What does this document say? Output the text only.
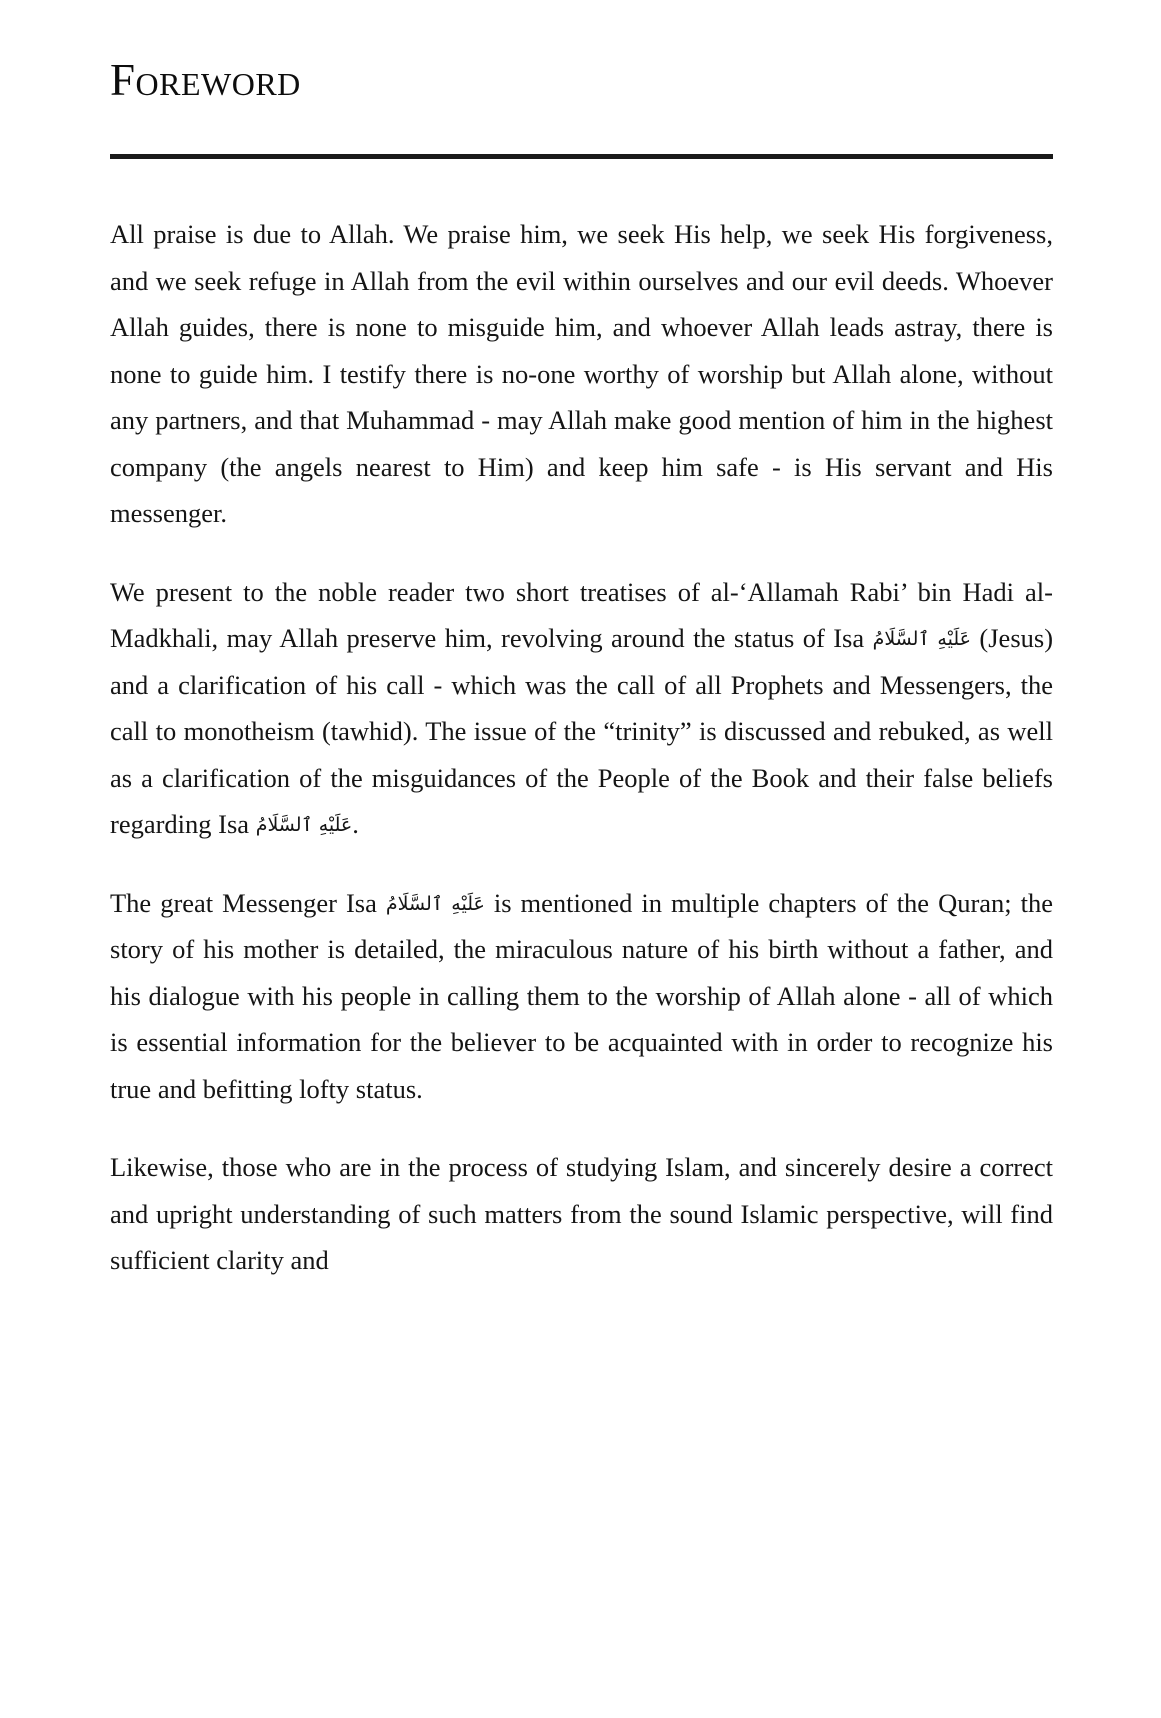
Foreword

All praise is due to Allah. We praise him, we seek His help, we seek His forgiveness, and we seek refuge in Allah from the evil within ourselves and our evil deeds. Whoever Allah guides, there is none to misguide him, and whoever Allah leads astray, there is none to guide him. I testify there is no-one worthy of worship but Allah alone, without any partners, and that Muhammad - may Allah make good mention of him in the highest company (the angels nearest to Him) and keep him safe - is His servant and His messenger.

We present to the noble reader two short treatises of al-‘Allamah Rabi’ bin Hadi al-Madkhali, may Allah preserve him, revolving around the status of Isa عَلَيْهِ ٱلسَّلَامُ (Jesus) and a clarification of his call - which was the call of all Prophets and Messengers, the call to monotheism (tawhid). The issue of the “trinity” is discussed and rebuked, as well as a clarification of the misguidances of the People of the Book and their false beliefs regarding Isa عَلَيْهِ ٱلسَّلَامُ.

The great Messenger Isa عَلَيْهِ ٱلسَّلَامُ is mentioned in multiple chapters of the Quran; the story of his mother is detailed, the miraculous nature of his birth without a father, and his dialogue with his people in calling them to the worship of Allah alone - all of which is essential information for the believer to be acquainted with in order to recognize his true and befitting lofty status.

Likewise, those who are in the process of studying Islam, and sincerely desire a correct and upright understanding of such matters from the sound Islamic perspective, will find sufficient clarity and
